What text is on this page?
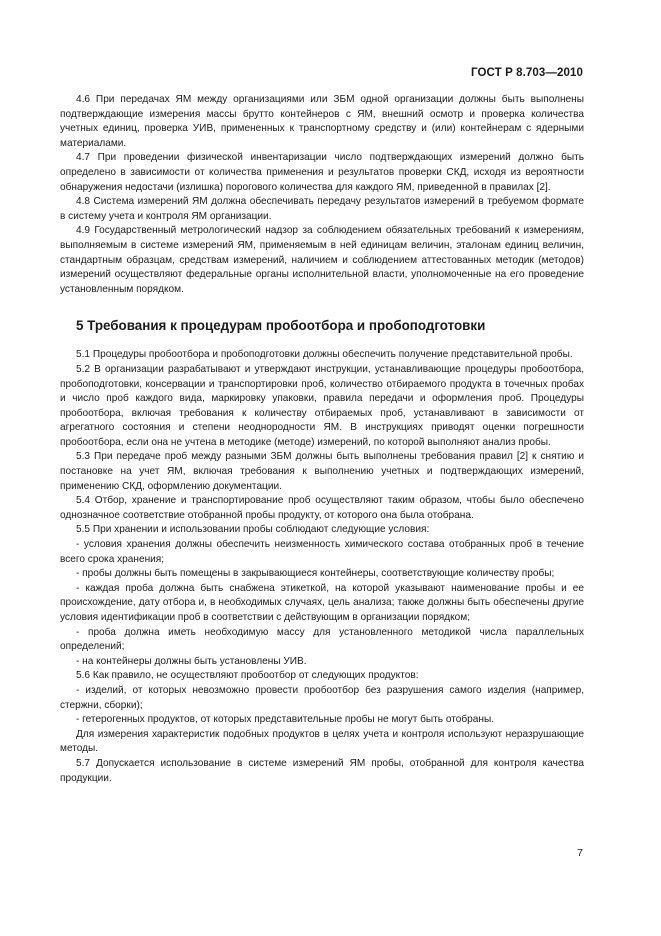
ГОСТ Р 8.703—2010

4.6 При передачах ЯМ между организациями или ЗБМ одной организации должны быть выполнены подтверждающие измерения массы брутто контейнеров с ЯМ, внешний осмотр и проверка количества учетных единиц, проверка УИВ, примененных к транспортному средству и (или) контейнерам с ядерными материалами.

4.7 При проведении физической инвентаризации число подтверждающих измерений должно быть определено в зависимости от количества применения и результатов проверки СКД, исходя из вероятности обнаружения недостачи (излишка) порогового количества для каждого ЯМ, приведенной в правилах [2].

4.8 Система измерений ЯМ должна обеспечивать передачу результатов измерений в требуемом формате в систему учета и контроля ЯМ организации.

4.9 Государственный метрологический надзор за соблюдением обязательных требований к измерениям, выполняемым в системе измерений ЯМ, применяемым в ней единицам величин, эталонам единиц величин, стандартным образцам, средствам измерений, наличием и соблюдением аттестованных методик (методов) измерений осуществляют федеральные органы исполнительной власти, уполномоченные на его проведение установленным порядком.

5 Требования к процедурам пробоотбора и пробоподготовки

5.1 Процедуры пробоотбора и пробоподготовки должны обеспечить получение представительной пробы.

5.2 В организации разрабатывают и утверждают инструкции, устанавливающие процедуры пробоотбора, пробоподготовки, консервации и транспортировки проб, количество отбираемого продукта в точечных пробах и число проб каждого вида, маркировку упаковки, правила передачи и оформления проб. Процедуры пробоотбора, включая требования к количеству отбираемых проб, устанавливают в зависимости от агрегатного состояния и степени неоднородности ЯМ. В инструкциях приводят оценки погрешности пробоотбора, если она не учтена в методике (методе) измерений, по которой выполняют анализ пробы.

5.3 При передаче проб между разными ЗБМ должны быть выполнены требования правил [2] к снятию и постановке на учет ЯМ, включая требования к выполнению учетных и подтверждающих измерений, применению СКД, оформлению документации.

5.4 Отбор, хранение и транспортирование проб осуществляют таким образом, чтобы было обеспечено однозначное соответствие отобранной пробы продукту, от которого она была отобрана.

5.5 При хранении и использовании пробы соблюдают следующие условия:

- условия хранения должны обеспечить неизменность химического состава отобранных проб в течение всего срока хранения;

- пробы должны быть помещены в закрывающиеся контейнеры, соответствующие количеству пробы;

- каждая проба должна быть снабжена этикеткой, на которой указывают наименование пробы и ее происхождение, дату отбора и, в необходимых случаях, цель анализа; также должны быть обеспечены другие условия идентификации проб в соответствии с действующим в организации порядком;

- проба должна иметь необходимую массу для установленного методикой числа параллельных определений;

- на контейнеры должны быть установлены УИВ.

5.6 Как правило, не осуществляют пробоотбор от следующих продуктов:

- изделий, от которых невозможно провести пробоотбор без разрушения самого изделия (например, стержни, сборки);

- гетерогенных продуктов, от которых представительные пробы не могут быть отобраны.

Для измерения характеристик подобных продуктов в целях учета и контроля используют неразрушающие методы.

5.7 Допускается использование в системе измерений ЯМ пробы, отобранной для контроля качества продукции.

7
